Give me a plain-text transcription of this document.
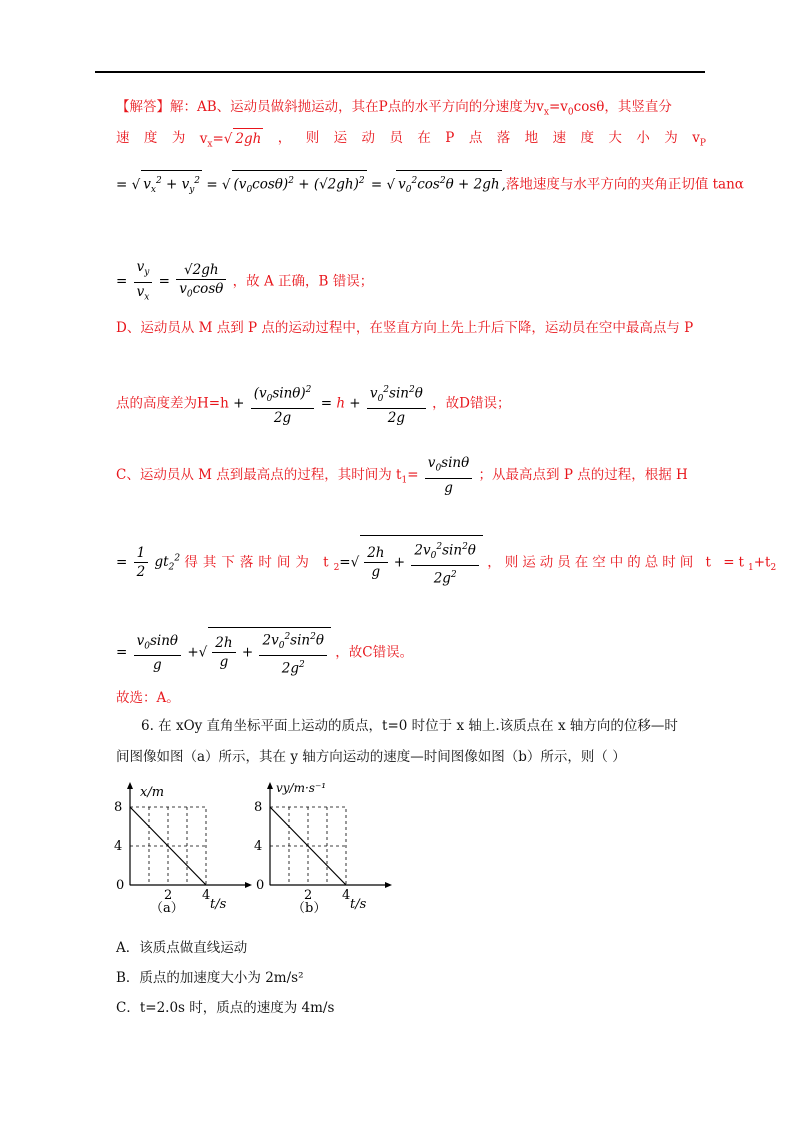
【解答】解：AB、运动员做斜抛运动，其在P点的水平方向的分速度为$v_x=v_0\cos\theta$，其竖直分
速 度 为 $v_x=√$ 2gh ， 则 运 动 员 在 P 点 落 地 速 度 大 小 为 $v_P$
= √ $v_x^2 + v_y^2$ = √ $(v_0\cos\theta)^2 + (√2gh)^2$ = √ $v_0^2\cos^2\theta + 2gh$ ,落地速度与水平方向的夹角正切值 tanα
= $\frac{v_y}{v_x} = \frac{√2gh}{v_0\cos\theta}$ ，故 A 正确，B 错误；
D、运动员从 M 点到 P 点的运动过程中，在竖直方向上先上升后下降，运动员在空中最高点与 P
点的高度差为$H=h + \frac{(v_0\sin\theta)^2}{2g} = h + \frac{v_0^2\sin^2\theta}{2g}$ ，故D错误；
C、运动员从 M 点到最高点的过程，其时间为 $t_1= \frac{v_0\sin\theta}{g}$ ；从最高点到 P 点的过程，根据 H
= $\frac{1}{2} gt_2^2$ 得其下落时间为 $t_2=√ \frac{2h}{g} + \frac{2v_0^2\sin^2\theta}{2g^2}$ ，则运动员在空中的总时间 $t =t_1+t_2$
= $\frac{v_0\sin\theta}{g}$ +√ $\frac{2h}{g} + \frac{2v_0^2\sin^2\theta}{2g^2}$ ，故C错误。
故选：A。
6. 在 xOy 直角坐标平面上运动的质点，t=0 时位于 x 轴上.该质点在 x 轴方向的位移—时
间图像如图（a）所示，其在 y 轴方向运动的速度—时间图像如图（b）所示，则（ ）
x/m
8
4
0
2 4
（a） t/s
vy/m·s⁻¹
8
4
0
2 4
（b） t/s
A．该质点做直线运动
B．质点的加速度大小为 2m/s²
C．t=2.0s 时，质点的速度为 4m/s
